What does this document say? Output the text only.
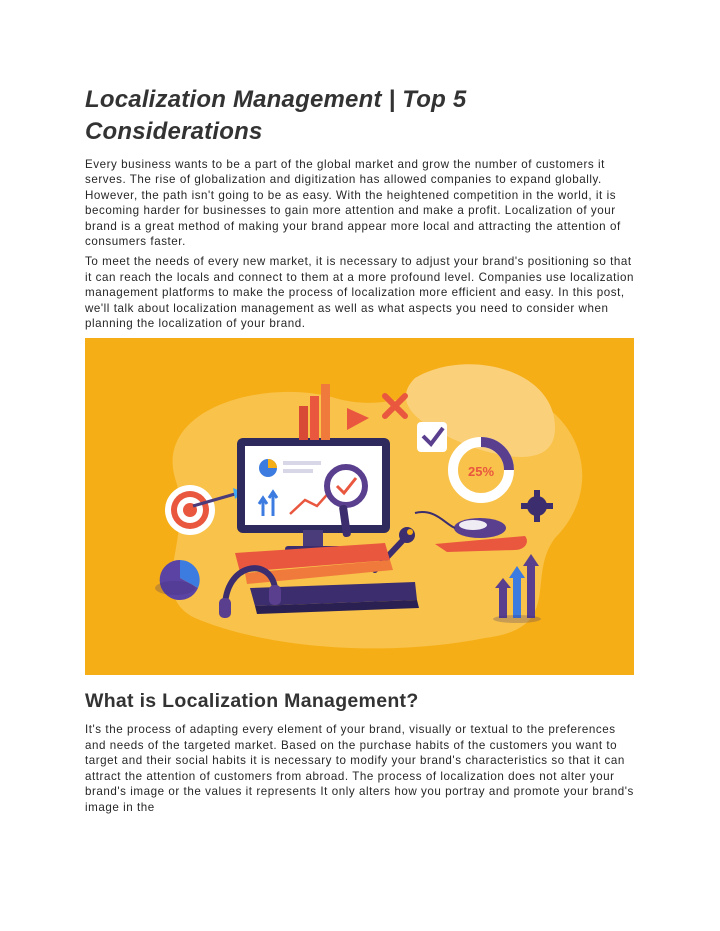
Localization Management | Top 5 Considerations

Every business wants to be a part of the global market and grow the number of customers it serves. The rise of globalization and digitization has allowed companies to expand globally. However, the path isn't going to be as easy. With the heightened competition in the world, it is becoming harder for businesses to gain more attention and make a profit. Localization of your brand is a great method of making your brand appear more local and attracting the attention of consumers faster.

To meet the needs of every new market, it is necessary to adjust your brand's positioning so that it can reach the locals and connect to them at a more profound level. Companies use localization management platforms to make the process of localization more efficient and easy. In this post, we'll talk about localization management as well as what aspects you need to consider when planning the localization of your brand.

25%
What is Localization Management?

It's the process of adapting every element of your brand, visually or textual to the preferences and needs of the targeted market. Based on the purchase habits of the customers you want to target and their social habits it is necessary to modify your brand's characteristics so that it can attract the attention of customers from abroad. The process of localization does not alter your brand's image or the values it represents It only alters how you portray and promote your brand's image in the
